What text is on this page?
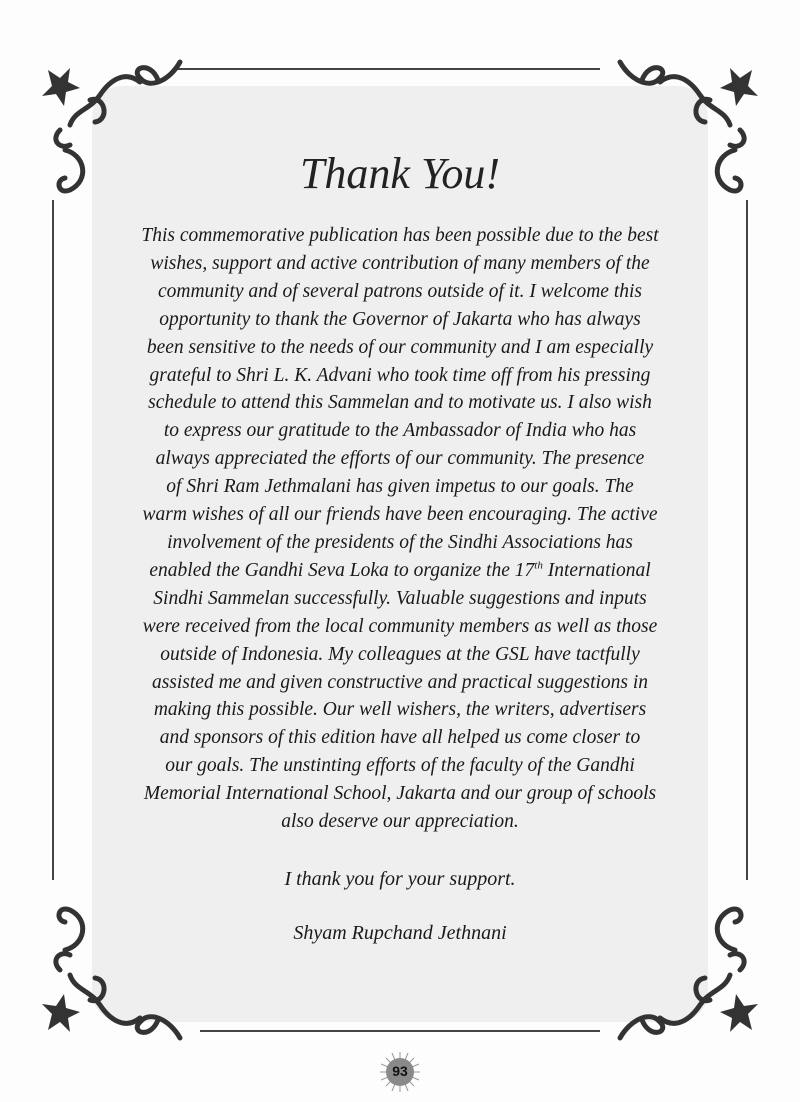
Thank You!
This commemorative publication has been possible due to the best
wishes, support and active contribution of many members of the
community and of several patrons outside of it. I welcome this
opportunity to thank the Governor of Jakarta who has always
been sensitive to the needs of our community and I am especially
grateful to Shri L. K. Advani who took time off from his pressing
schedule to attend this Sammelan and to motivate us. I also wish
to express our gratitude to the Ambassador of India who has
always appreciated the efforts of our community. The presence
of Shri Ram Jethmalani has given impetus to our goals. The
warm wishes of all our friends have been encouraging. The active
involvement of the presidents of the Sindhi Associations has
enabled the Gandhi Seva Loka to organize the 17th International
Sindhi Sammelan successfully. Valuable suggestions and inputs
were received from the local community members as well as those
outside of Indonesia. My colleagues at the GSL have tactfully
assisted me and given constructive and practical suggestions in
making this possible. Our well wishers, the writers, advertisers
and sponsors of this edition have all helped us come closer to
our goals. The unstinting efforts of the faculty of the Gandhi
Memorial International School, Jakarta and our group of schools
also deserve our appreciation.
I thank you for your support.
Shyam Rupchand Jethnani
93
